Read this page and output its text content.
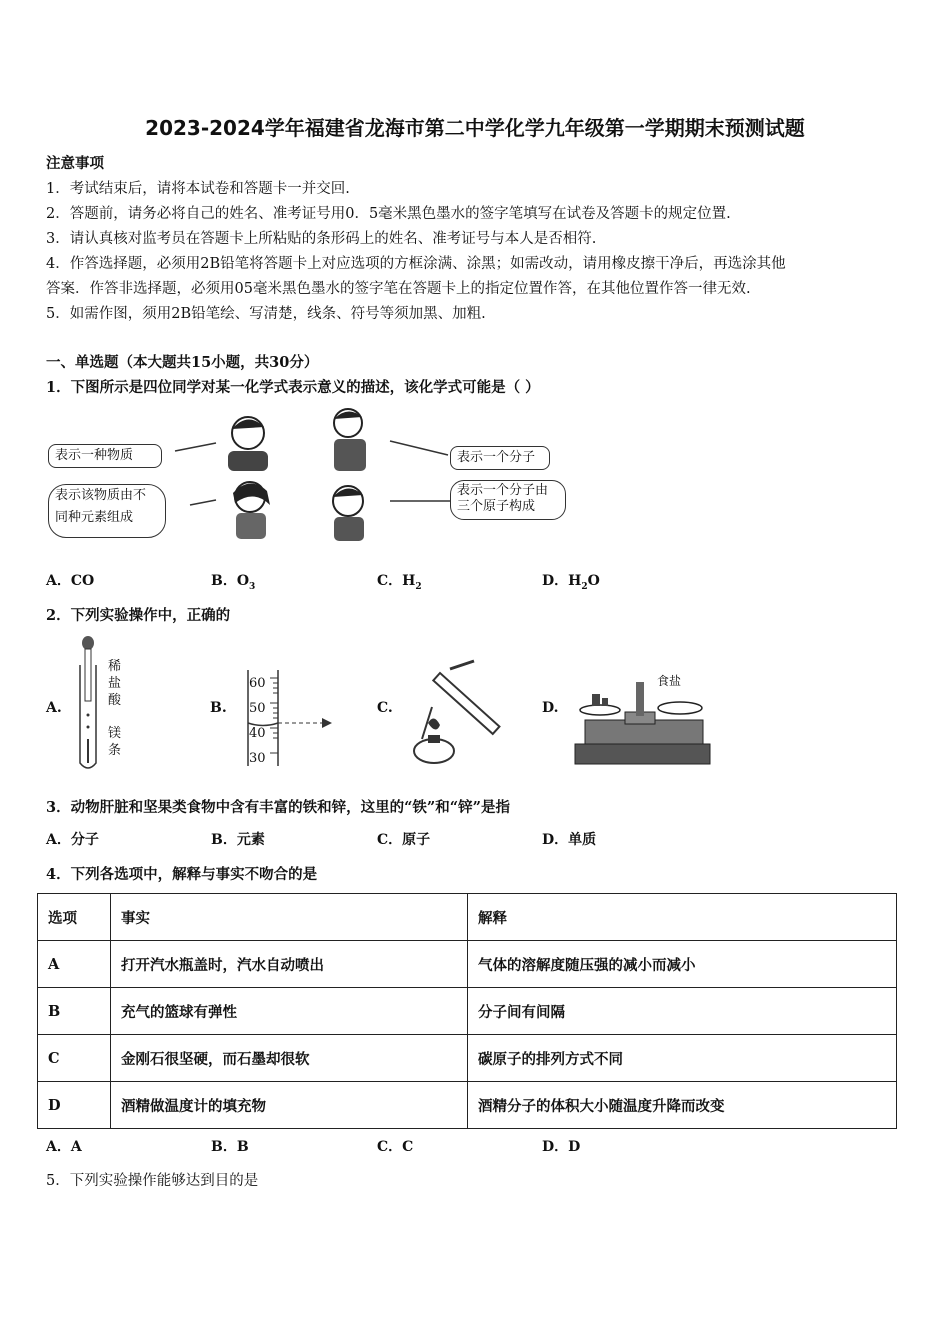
2023-2024学年福建省龙海市第二中学化学九年级第一学期期末预测试题
注意事项
1．考试结束后，请将本试卷和答题卡一并交回.
2．答题前，请务必将自己的姓名、准考证号用0．5毫米黑色墨水的签字笔填写在试卷及答题卡的规定位置.
3．请认真核对监考员在答题卡上所粘贴的条形码上的姓名、准考证号与本人是否相符.
4．作答选择题，必须用2B铅笔将答题卡上对应选项的方框涂满、涂黑；如需改动，请用橡皮擦干净后，再选涂其他
答案．作答非选择题，必须用05毫米黑色墨水的签字笔在答题卡上的指定位置作答，在其他位置作答一律无效.
5．如需作图，须用2B铅笔绘、写清楚，线条、符号等须加黑、加粗.
一、单选题（本大题共15小题，共30分）
1．下图所示是四位同学对某一化学式表示意义的描述，该化学式可能是（ ）
表示一种物质	表示一个分子
表示该物质由不
同种元素组成
表示一个分子由
三个原子构成
A．CO	B．$O_3$	C．$H_2$	D．$H_2O$
2．下列实验操作中，正确的
A.	B.	C.	D.
稀
盐
酸
镁
条
60
50
40
30
食盐
3．动物肝脏和坚果类食物中含有丰富的铁和锌，这里的“铁”和“锌”是指
A．分子	B．元素	C．原子	D．单质
4．下列各选项中，解释与事实不吻合的是
选项	事实	解释
A	打开汽水瓶盖时，汽水自动喷出	气体的溶解度随压强的减小而减小
B	充气的篮球有弹性	分子间有间隔
C	金刚石很坚硬，而石墨却很软	碳原子的排列方式不同
D	酒精做温度计的填充物	酒精分子的体积大小随温度升降而改变
A．A	B．B	C．C	D．D
5．下列实验操作能够达到目的是
